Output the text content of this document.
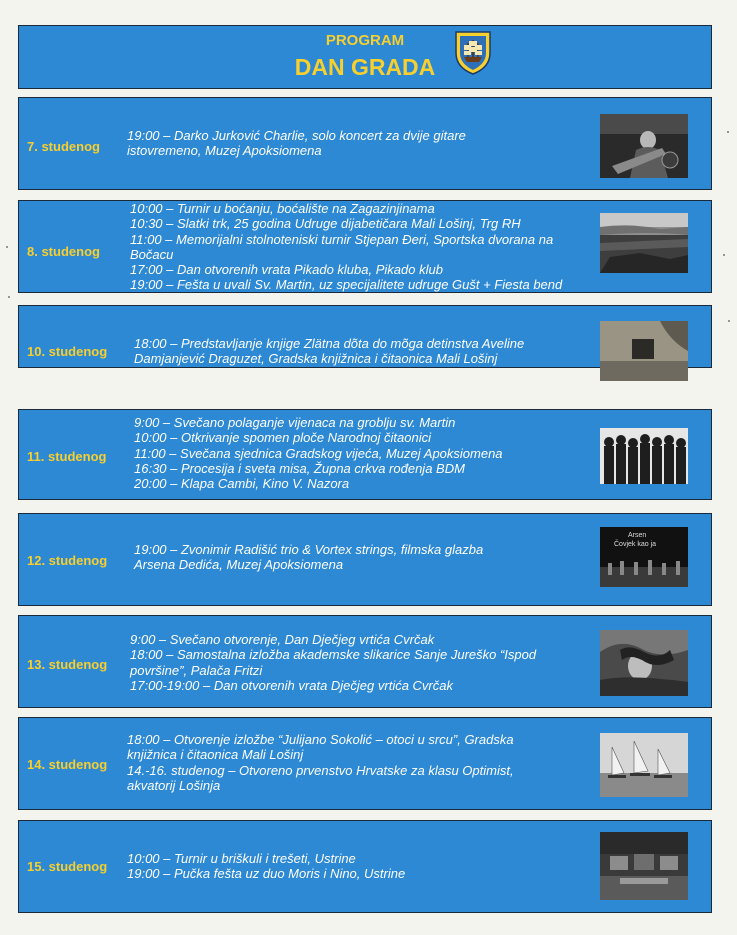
PROGRAM
DAN GRADA
7. studenog
19:00 – Darko Jurković Charlie, solo koncert za dvije gitare
istovremeno, Muzej Apoksiomena
8. studenog
10:00 – Turnir u boćanju, boćalište na Zagazinjinama
10:30 – Slatki trk, 25 godina Udruge dijabetičara Mali Lošinj, Trg RH
11:00 – Memorijalni stolnoteniski turnir Stjepan Đeri, Sportska dvorana na
Bočacu
17:00 – Dan otvorenih vrata Pikado kluba, Pikado klub
19:00 – Fešta u uvali Sv. Martin, uz specijalitete udruge Gušt + Fiesta bend
10. studenog
18:00 – Predstavljanje knjige Zlätna dõta do mõga detinstva Aveline
Damjanjević Draguzet, Gradska knjižnica i čitaonica Mali Lošinj
11. studenog
9:00 – Svečano polaganje vijenaca na groblju sv. Martin
10:00 – Otkrivanje spomen ploče Narodnoj čitaonici
11:00 – Svečana sjednica Gradskog vijeća, Muzej Apoksiomena
16:30 – Procesija i sveta misa, Župna crkva rođenja BDM
20:00 – Klapa Cambi, Kino V. Nazora
12. studenog
19:00 – Zvonimir Radišić trio & Vortex strings, filmska glazba
Arsena Dedića, Muzej Apoksiomena
Arsen
Čovjek kao ja
13. studenog
9:00 – Svečano otvorenje, Dan Dječjeg vrtića Cvrčak
18:00 – Samostalna izložba akademske slikarice Sanje Jureško “Ispod
površine”, Palača Fritzi
17:00-19:00 – Dan otvorenih vrata Dječjeg vrtića Cvrčak
14. studenog
18:00 – Otvorenje izložbe “Julijano Sokolić – otoci u srcu”, Gradska
knjižnica i čitaonica Mali Lošinj
14.-16. studenog – Otvoreno prvenstvo Hrvatske za klasu Optimist,
akvatorij Lošinja
15. studenog
10:00 – Turnir u briškuli i trešeti, Ustrine
19:00 – Pučka fešta uz duo Moris i Nino, Ustrine
